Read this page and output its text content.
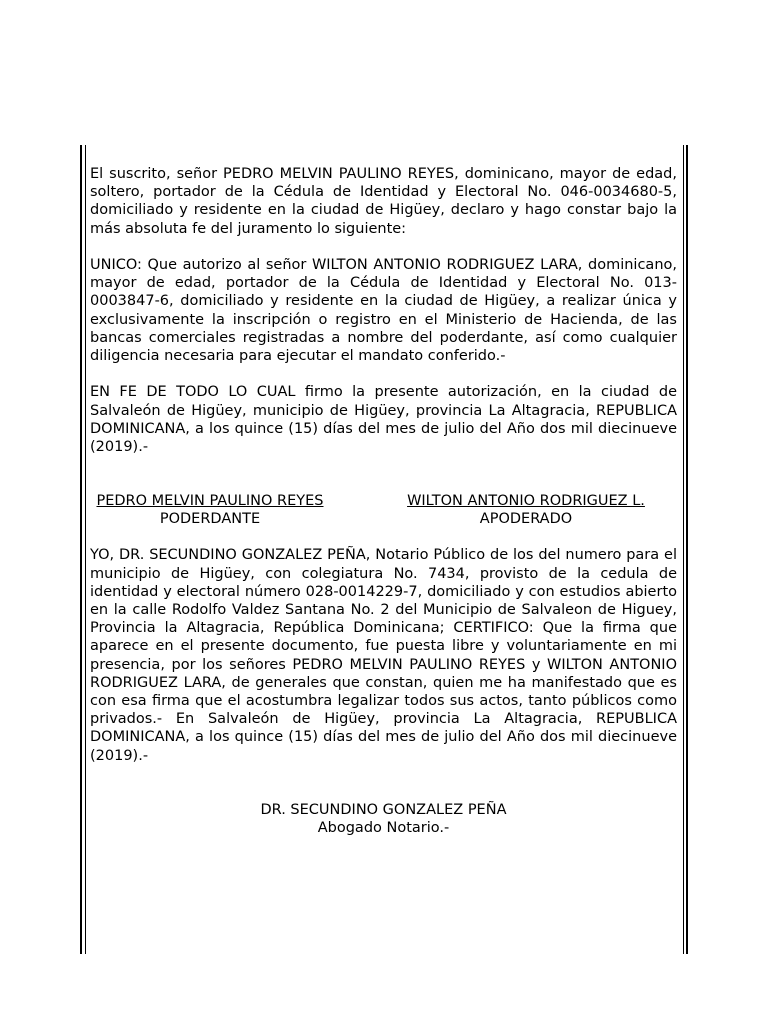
El suscrito, señor PEDRO MELVIN PAULINO REYES, dominicano, mayor de edad, soltero, portador de la Cédula de Identidad y Electoral No. 046-0034680-5, domiciliado y residente en la ciudad de Higüey, declaro y hago constar bajo la más absoluta fe del juramento lo siguiente:

UNICO: Que autorizo al señor WILTON ANTONIO RODRIGUEZ LARA, dominicano, mayor de edad, portador de la Cédula de Identidad y Electoral No. 013-0003847-6, domiciliado y residente en la ciudad de Higüey, a realizar única y exclusivamente la inscripción o registro en el Ministerio de Hacienda, de las bancas comerciales registradas a nombre del poderdante, así como cualquier diligencia necesaria para ejecutar el mandato conferido.-

EN FE DE TODO LO CUAL firmo la presente autorización, en la ciudad de Salvaleón de Higüey, municipio de Higüey, provincia La Altagracia, REPUBLICA DOMINICANA, a los quince (15) días del mes de julio del Año dos mil diecinueve (2019).-

PEDRO MELVIN PAULINO REYES
PODERDANTE
WILTON ANTONIO RODRIGUEZ L.
APODERADO

YO, DR. SECUNDINO GONZALEZ PEÑA, Notario Público de los del numero para el municipio de Higüey, con colegiatura No. 7434, provisto de la cedula de identidad y electoral número 028-0014229-7, domiciliado y con estudios abierto en la calle Rodolfo Valdez Santana No. 2 del Municipio de Salvaleon de Higuey, Provincia la Altagracia, República Dominicana; CERTIFICO: Que la firma que aparece en el presente documento, fue puesta libre y voluntariamente en mi presencia, por los señores PEDRO MELVIN PAULINO REYES y WILTON ANTONIO RODRIGUEZ LARA, de generales que constan, quien me ha manifestado que es con esa firma que el acostumbra legalizar todos sus actos, tanto públicos como privados.- En Salvaleón de Higüey, provincia La Altagracia, REPUBLICA DOMINICANA, a los quince (15) días del mes de julio del Año dos mil diecinueve (2019).-

DR. SECUNDINO GONZALEZ PEÑA
Abogado Notario.-
